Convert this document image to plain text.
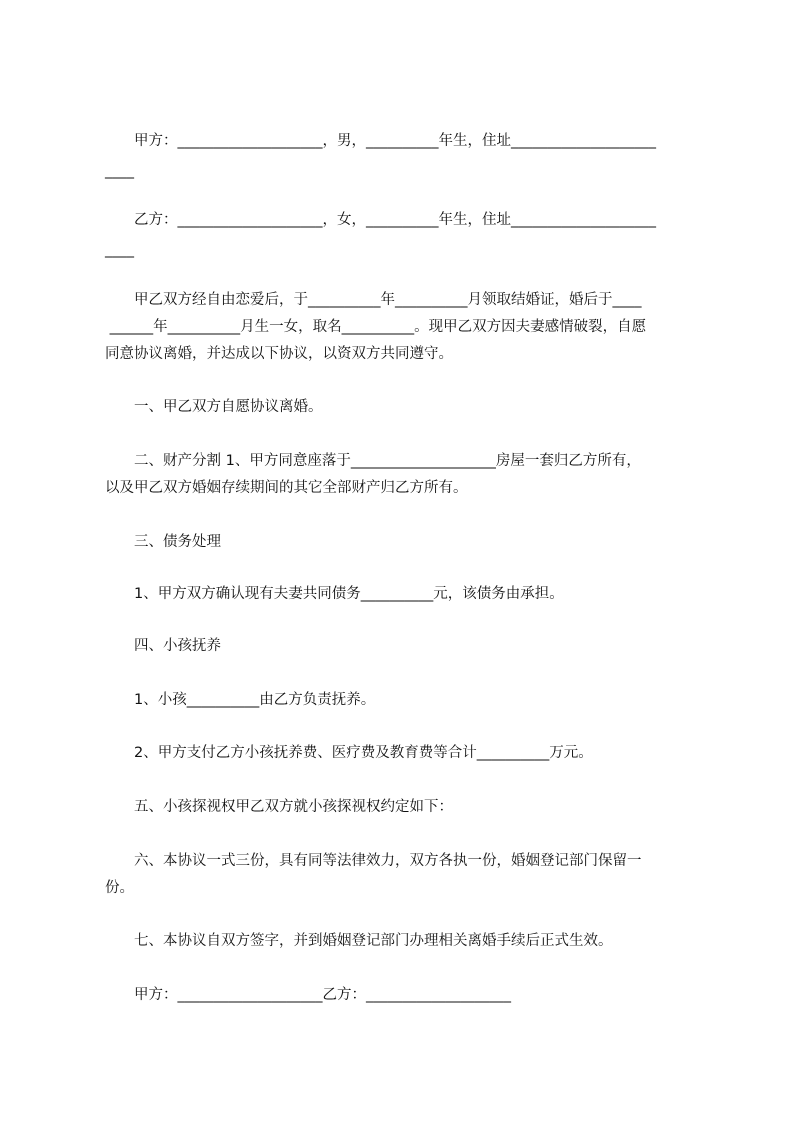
　　甲方：____________________，男，__________年生，住址____________________
____
　　乙方：____________________，女，__________年生，住址____________________
____
　　甲乙双方经自由恋爱后，于__________年__________月领取结婚证，婚后于____
______年__________月生一女，取名__________。现甲乙双方因夫妻感情破裂，自愿
同意协议离婚，并达成以下协议，以资双方共同遵守。
　　一、甲乙双方自愿协议离婚。
　　二、财产分割 1、甲方同意座落于____________________房屋一套归乙方所有，
以及甲乙双方婚姻存续期间的其它全部财产归乙方所有。
　　三、债务处理
　　1、甲方双方确认现有夫妻共同债务__________元，该债务由承担。
　　四、小孩抚养
　　1、小孩__________由乙方负责抚养。
　　2、甲方支付乙方小孩抚养费、医疗费及教育费等合计__________万元。
　　五、小孩探视权甲乙双方就小孩探视权约定如下：
　　六、本协议一式三份，具有同等法律效力，双方各执一份，婚姻登记部门保留一
份。
　　七、本协议自双方签字，并到婚姻登记部门办理相关离婚手续后正式生效。
　　甲方：____________________乙方：____________________
